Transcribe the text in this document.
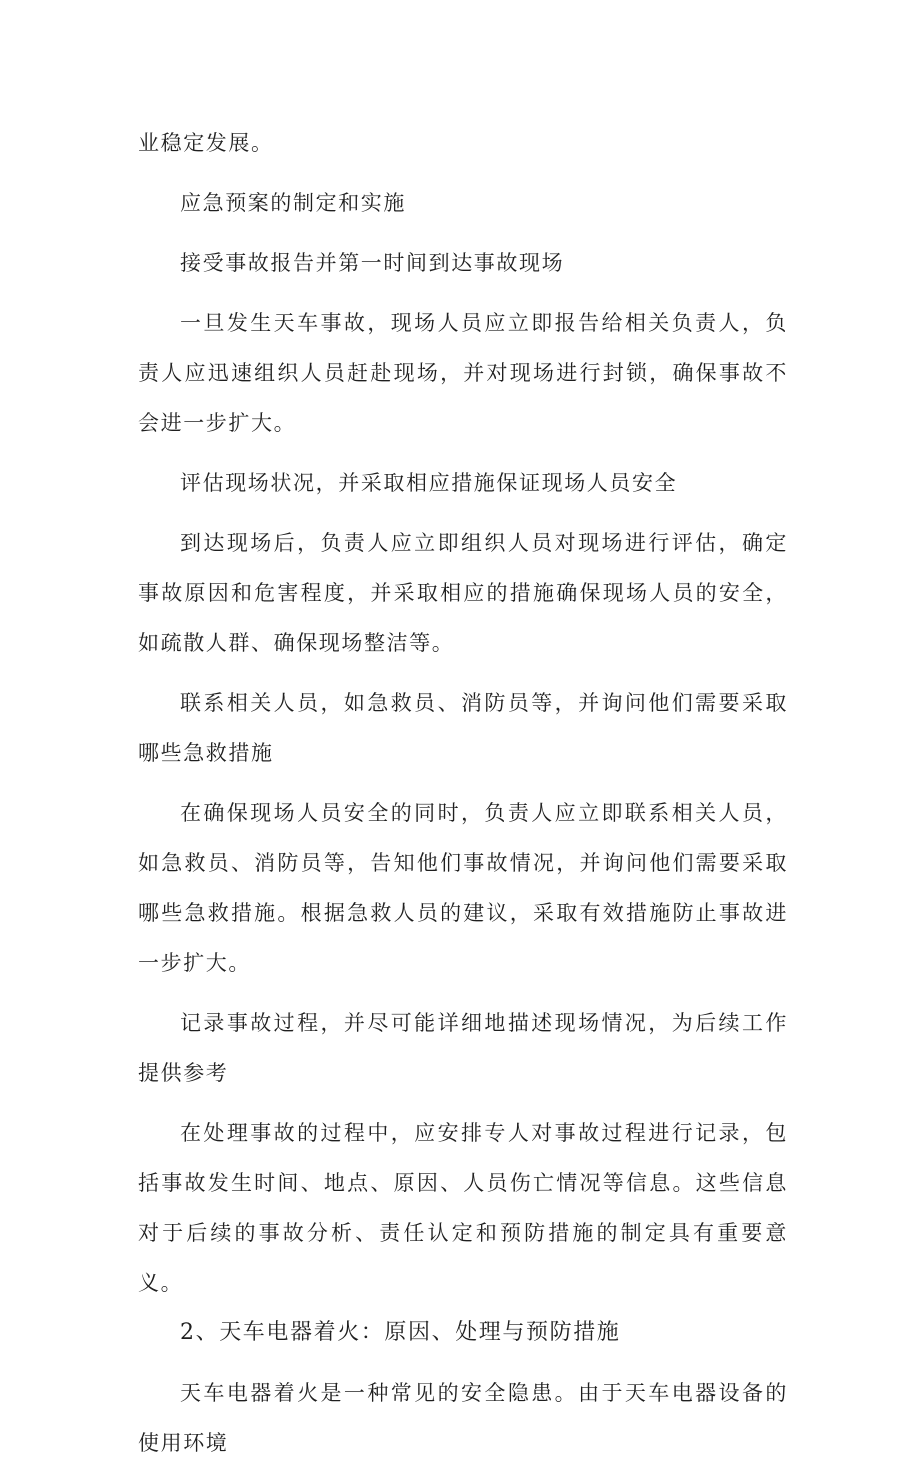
业稳定发展。

应急预案的制定和实施

接受事故报告并第一时间到达事故现场

一旦发生天车事故，现场人员应立即报告给相关负责人，负责人应迅速组织人员赶赴现场，并对现场进行封锁，确保事故不会进一步扩大。

评估现场状况，并采取相应措施保证现场人员安全

到达现场后，负责人应立即组织人员对现场进行评估，确定事故原因和危害程度，并采取相应的措施确保现场人员的安全，如疏散人群、确保现场整洁等。

联系相关人员，如急救员、消防员等，并询问他们需要采取哪些急救措施

在确保现场人员安全的同时，负责人应立即联系相关人员，如急救员、消防员等，告知他们事故情况，并询问他们需要采取哪些急救措施。根据急救人员的建议，采取有效措施防止事故进一步扩大。

记录事故过程，并尽可能详细地描述现场情况，为后续工作提供参考

在处理事故的过程中，应安排专人对事故过程进行记录，包括事故发生时间、地点、原因、人员伤亡情况等信息。这些信息对于后续的事故分析、责任认定和预防措施的制定具有重要意义。

2、天车电器着火：原因、处理与预防措施

天车电器着火是一种常见的安全隐患。由于天车电器设备的使用环境
